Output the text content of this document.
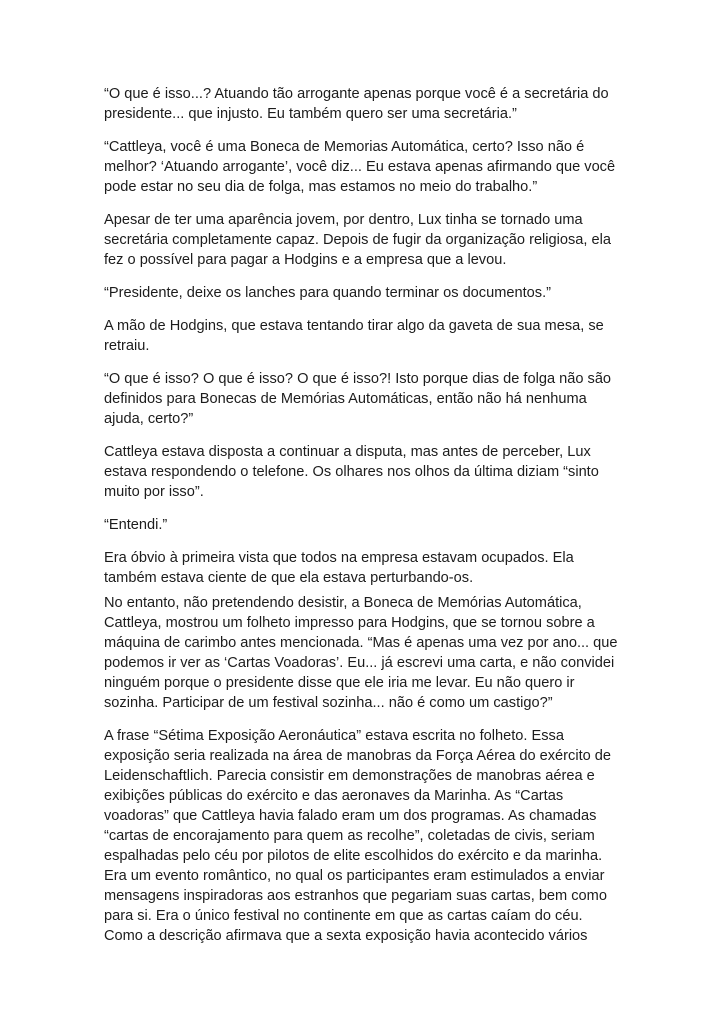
“O que é isso...? Atuando tão arrogante apenas porque você é a secretária do
presidente... que injusto. Eu também quero ser uma secretária.”

“Cattleya, você é uma Boneca de Memorias Automática, certo? Isso não é
melhor? ‘Atuando arrogante’, você diz... Eu estava apenas afirmando que você
pode estar no seu dia de folga, mas estamos no meio do trabalho.”

Apesar de ter uma aparência jovem, por dentro, Lux tinha se tornado uma
secretária completamente capaz. Depois de fugir da organização religiosa, ela
fez o possível para pagar a Hodgins e a empresa que a levou.

“Presidente, deixe os lanches para quando terminar os documentos.”

A mão de Hodgins, que estava tentando tirar algo da gaveta de sua mesa, se
retraiu.

“O que é isso? O que é isso? O que é isso?! Isto porque dias de folga não são
definidos para Bonecas de Memórias Automáticas, então não há nenhuma
ajuda, certo?”

Cattleya estava disposta a continuar a disputa, mas antes de perceber, Lux
estava respondendo o telefone. Os olhares nos olhos da última diziam “sinto
muito por isso”.

“Entendi.”

Era óbvio à primeira vista que todos na empresa estavam ocupados. Ela
também estava ciente de que ela estava perturbando-os.

No entanto, não pretendendo desistir, a Boneca de Memórias Automática,
Cattleya, mostrou um folheto impresso para Hodgins, que se tornou sobre a
máquina de carimbo antes mencionada. “Mas é apenas uma vez por ano... que
podemos ir ver as ‘Cartas Voadoras’. Eu... já escrevi uma carta, e não convidei
ninguém porque o presidente disse que ele iria me levar. Eu não quero ir
sozinha. Participar de um festival sozinha... não é como um castigo?”

A frase “Sétima Exposição Aeronáutica” estava escrita no folheto. Essa
exposição seria realizada na área de manobras da Força Aérea do exército de
Leidenschaftlich. Parecia consistir em demonstrações de manobras aérea e
exibições públicas do exército e das aeronaves da Marinha. As “Cartas
voadoras” que Cattleya havia falado eram um dos programas. As chamadas
“cartas de encorajamento para quem as recolhe”, coletadas de civis, seriam
espalhadas pelo céu por pilotos de elite escolhidos do exército e da marinha.
Era um evento romântico, no qual os participantes eram estimulados a enviar
mensagens inspiradoras aos estranhos que pegariam suas cartas, bem como
para si. Era o único festival no continente em que as cartas caíam do céu.
Como a descrição afirmava que a sexta exposição havia acontecido vários
